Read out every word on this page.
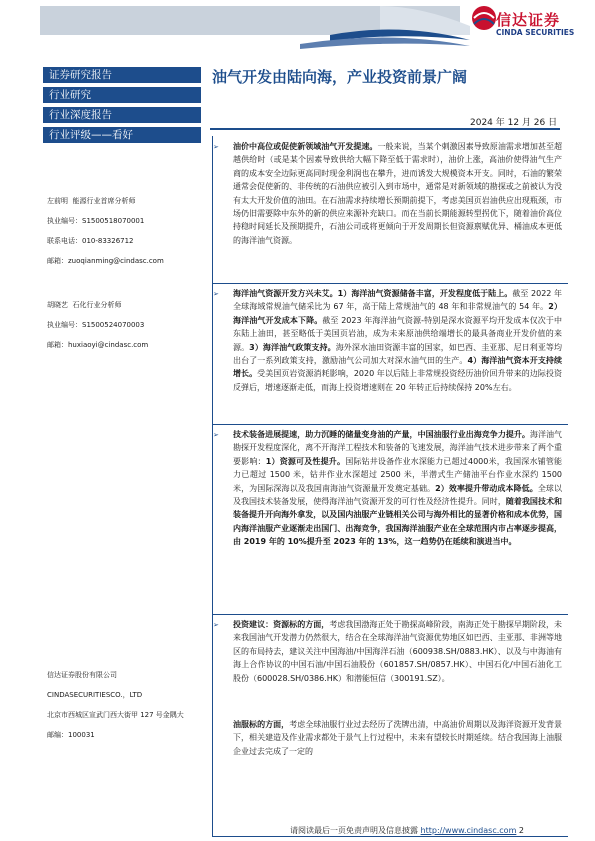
信达证券
CINDA SECURITIES
证券研究报告
行业研究
行业深度报告
行业评级——看好
油气开发由陆向海，产业投资前景广阔
2024 年 12 月 26 日
左前明 能源行业首席分析师
执业编号：S1500518070001
联系电话：010-83326712
邮箱：zuoqianming@cindasc.com
胡晓艺 石化行业分析师
执业编号：S1500524070003
邮箱：huxiaoyi@cindasc.com
信达证券股份有限公司
CINDASECURITIESCO.，LTD
北京市西城区宣武门西大街甲 127 号金隅大
邮编：100031
➢ 油价中高位或促使新领域油气开发提速。一般来说，当某个刺激因素导致原油需求增加甚至超越供给时（或是某个因素导致供给大幅下降至低于需求时），油价上涨，高油价使得油气生产商的成本安全边际更高同时现金利润也在攀升，进而诱发大规模资本开支。同时，石油的繁荣通常会促使新的、非传统的石油供应被引入到市场中，通常是对新领域的勘探或之前被认为没有太大开发价值的油田。在石油需求持续增长预期前提下，考虑美国页岩油供应出现瓶颈，市场仍旧需要除中东外的新的供应来源补充缺口。而在当前长期能源转型拐优下，随着油价高位持稳时间延长及预期提升，石油公司或将更倾向于开发周期长但资源禀赋优异、桶油成本更低的海洋油气资源。
➢ 海洋油气资源开发方兴未艾。1）海洋油气资源储备丰富，开发程度低于陆上。截至 2022 年全球海域常规油气储采比为 67 年，高于陆上常规油气的 48 年和非常规油气的 54 年。2）海洋油气开发成本下降。截至 2023 年海洋油气资源-特别是深水资源平均开发成本仅次于中东陆上油田，甚至略低于美国页岩油，成为未来原油供给端增长的最具备商业开发价值的来源。3）海洋油气政策支持。海外深水油田资源丰富的国家，如巴西、圭亚那、尼日利亚等均出台了一系列政策支持，激励油气公司加大对深水油气田的生产。4）海洋油气资本开支持续增长。受美国页岩资源消耗影响，2020 年以后陆上非常规投资经历油价回升带来的边际投资反弹后，增速逐渐走低，而海上投资增速则在 20 年转正后持续保持 20%左右。
➢ 技术装备进展提速，助力沉睡的储量变身油的产量，中国油服行业出海竞争力提升。海洋油气勘探开发程度深化，离不开海洋工程技术和装备的飞速发展，海洋油气技术进步带来了两个重要影响：1）资源可及性提升。国际钻井设备作业水深能力已超过4000米，我国深水铺管能力已超过 1500 米，钻井作业水深超过 2500 米，半潜式生产储油平台作业水深约 1500 米，为国际深海以及我国南海油气资源量开发奠定基础。2）效率提升带动成本降低。全球以及我国技术装备发展，使得海洋油气资源开发的可行性及经济性提升。同时，随着我国技术和装备提升开向海外拿发，以及国内油服产业链相关公司与海外相比的显著价格和成本优势，国内海洋油服产业逐渐走出国门、出海竞争，我国海洋油服产业在全球范围内市占率逐步提高，由 2019 年的 10%提升至 2023 年的 13%，这一趋势仍在延续和演进当中。
➢ 投资建议：资源标的方面，考虑我国渤海正处于勘探高峰阶段，南海正处于勘探早期阶段，未来我国油气开发潜力仍然很大，结合在全球海洋油气资源优势地区如巴西、圭亚那、非洲等地区的布局持去，建议关注中国海油/中国海洋石油（600938.SH/0883.HK）、以及与中海油有海上合作协议的中国石油/中国石油股份（601857.SH/0857.HK）、中国石化/中国石油化工股份（600028.SH/0386.HK）和潜能恒信（300191.SZ）。
油服标的方面，考虑全球油服行业过去经历了洗牌出清，中高油价周期以及海洋资源开发背景下，相关建造及作业需求都处于景气上行过程中，未来有望较长时期延续。结合我国海上油服企业过去完成了一定的
请阅读最后一页免责声明及信息披露 http://www.cindasc.com 2
